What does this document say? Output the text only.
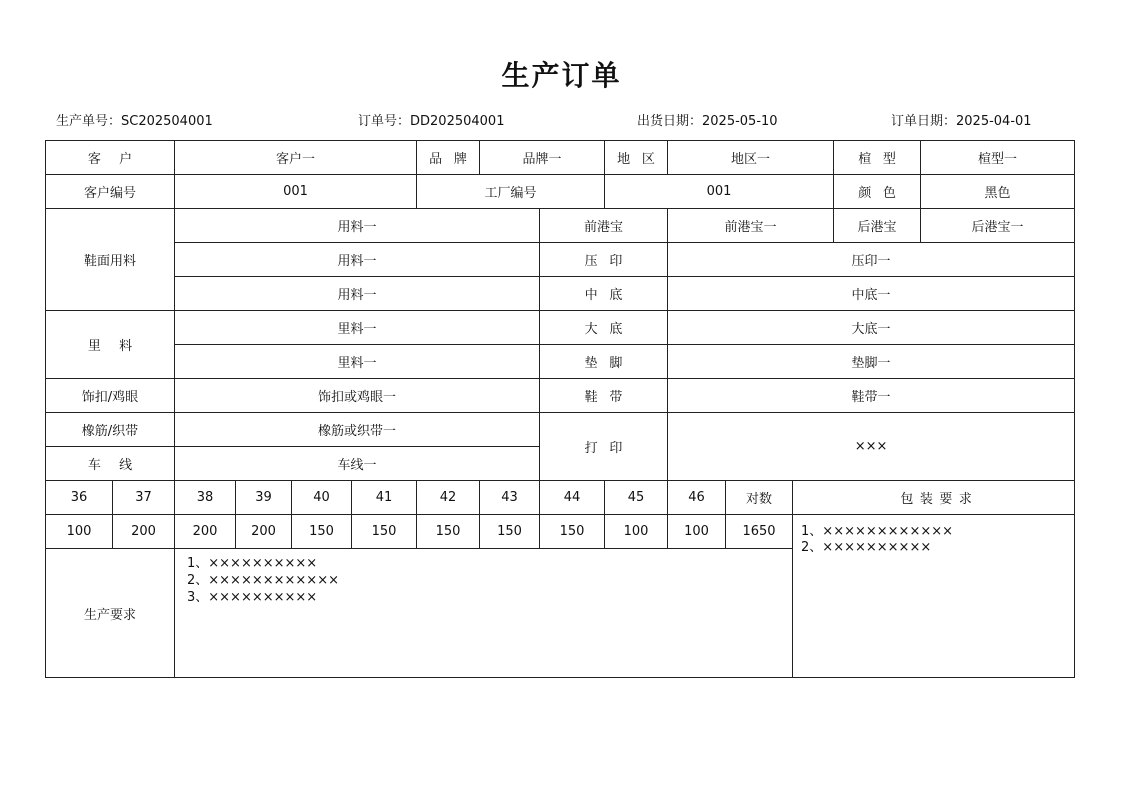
生产订单
生产单号：SC202504001	订单号：DD202504001	出货日期：2025-05-10	订单日期：2025-04-01
客户		客户一				品牌	品牌一		地区	地区一			楦型	楦型一
客户编号		001				工厂编号			001				颜色	黑色
鞋面用料		用料一						前港宝		前港宝一			后港宝	后港宝一
		用料一						压印		压印一				
		用料一						中底		中底一				
里料		里料一						大底		大底一				
		里料一						垫脚		垫脚一				
饰扣/鸡眼		饰扣或鸡眼一						鞋带		鞋带一				
橡筋/织带		橡筋或织带一						打印		×××				
车线		车线一												
36	37	38	39	40	41	42	43	44	45	46	对数	包装要求		
100	200	200	200	150	150	150	150	150	100	100	1650	1、××××××××××××
2、××××××××××		
生产要求		1、××××××××××
2、××××××××××××
3、××××××××××												
